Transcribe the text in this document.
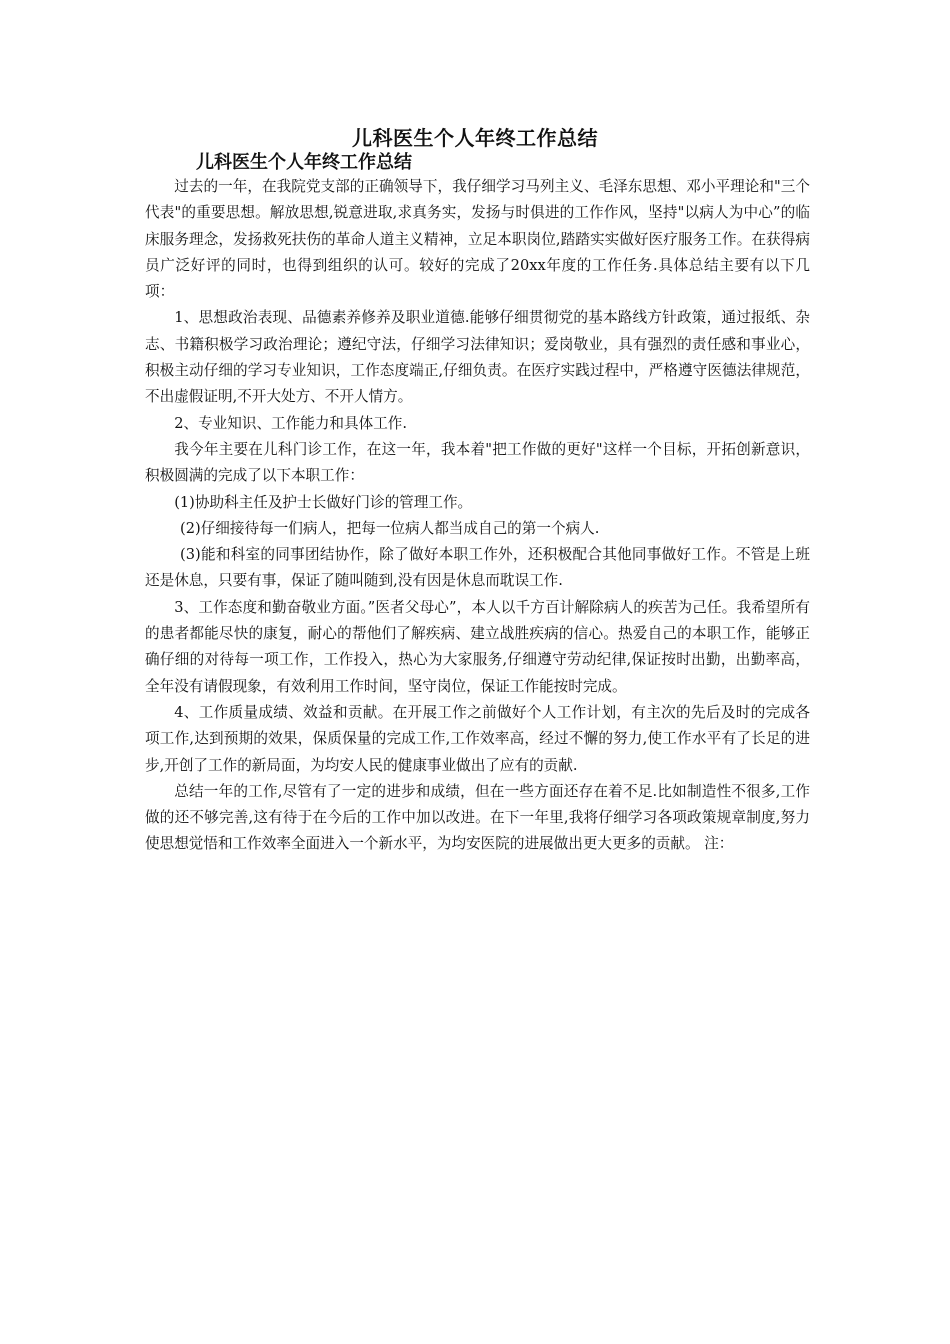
儿科医生个人年终工作总结
儿科医生个人年终工作总结

过去的一年，在我院党支部的正确领导下，我仔细学习马列主义、毛泽东思想、邓小平理论和"三个代表"的重要思想。解放思想,锐意进取,求真务实，发扬与时俱进的工作作风，坚持"以病人为中心”的临床服务理念，发扬救死扶伤的革命人道主义精神，立足本职岗位,踏踏实实做好医疗服务工作。在获得病员广泛好评的同时，也得到组织的认可。较好的完成了20xx年度的工作任务.具体总结主要有以下几项：

1、思想政治表现、品德素养修养及职业道德.能够仔细贯彻党的基本路线方针政策，通过报纸、杂志、书籍积极学习政治理论；遵纪守法，仔细学习法律知识；爱岗敬业，具有强烈的责任感和事业心，积极主动仔细的学习专业知识，工作态度端正,仔细负责。在医疗实践过程中，严格遵守医德法律规范，不出虚假证明,不开大处方、不开人情方。

2、专业知识、工作能力和具体工作.

我今年主要在儿科门诊工作，在这一年，我本着"把工作做的更好"这样一个目标，开拓创新意识，积极圆满的完成了以下本职工作：

(1)协助科主任及护士长做好门诊的管理工作。

(2)仔细接待每一们病人，把每一位病人都当成自己的第一个病人.

(3)能和科室的同事团结协作，除了做好本职工作外，还积极配合其他同事做好工作。不管是上班还是休息，只要有事，保证了随叫随到,没有因是休息而耽误工作.

3、工作态度和勤奋敬业方面。”医者父母心”，本人以千方百计解除病人的疾苦为己任。我希望所有的患者都能尽快的康复，耐心的帮他们了解疾病、建立战胜疾病的信心。热爱自己的本职工作，能够正确仔细的对待每一项工作，工作投入，热心为大家服务,仔细遵守劳动纪律,保证按时出勤，出勤率高，全年没有请假现象，有效利用工作时间，坚守岗位，保证工作能按时完成。

4、工作质量成绩、效益和贡献。在开展工作之前做好个人工作计划，有主次的先后及时的完成各项工作,达到预期的效果，保质保量的完成工作,工作效率高，经过不懈的努力,使工作水平有了长足的进步,开创了工作的新局面，为均安人民的健康事业做出了应有的贡献.

总结一年的工作,尽管有了一定的进步和成绩，但在一些方面还存在着不足.比如制造性不很多,工作做的还不够完善,这有待于在今后的工作中加以改进。在下一年里,我将仔细学习各项政策规章制度,努力使思想觉悟和工作效率全面进入一个新水平，为均安医院的进展做出更大更多的贡献。 注：
